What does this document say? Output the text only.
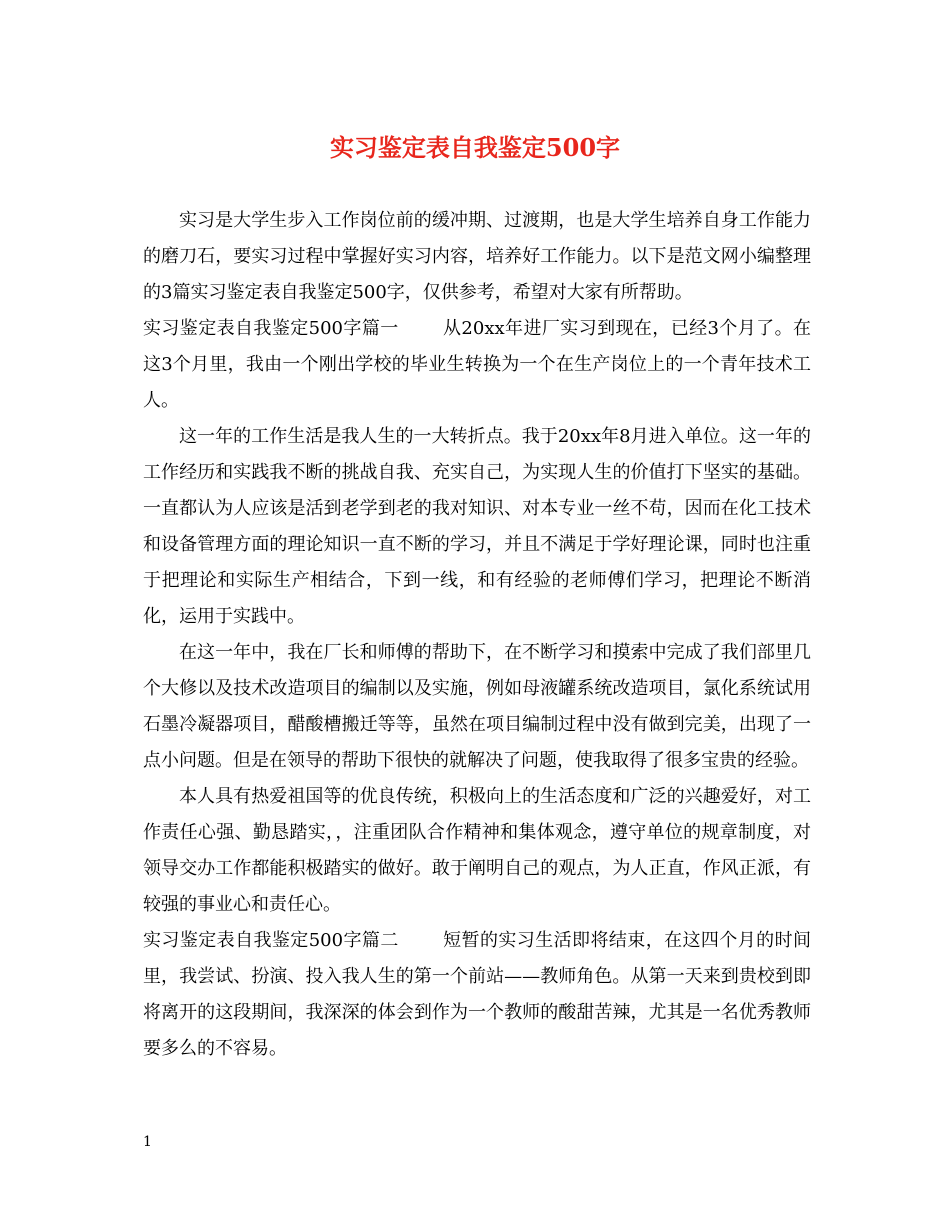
实习鉴定表自我鉴定500字

实习是大学生步入工作岗位前的缓冲期、过渡期，也是大学生培养自身工作能力的磨刀石，要实习过程中掌握好实习内容，培养好工作能力。以下是范文网小编整理的3篇实习鉴定表自我鉴定500字，仅供参考，希望对大家有所帮助。

实习鉴定表自我鉴定500字篇一 从20xx年进厂实习到现在，已经3个月了。在这3个月里，我由一个刚出学校的毕业生转换为一个在生产岗位上的一个青年技术工人。

这一年的工作生活是我人生的一大转折点。我于20xx年8月进入单位。这一年的工作经历和实践我不断的挑战自我、充实自己，为实现人生的价值打下坚实的基础。一直都认为人应该是活到老学到老的我对知识、对本专业一丝不苟，因而在化工技术和设备管理方面的理论知识一直不断的学习，并且不满足于学好理论课，同时也注重于把理论和实际生产相结合，下到一线，和有经验的老师傅们学习，把理论不断消化，运用于实践中。

在这一年中，我在厂长和师傅的帮助下，在不断学习和摸索中完成了我们部里几个大修以及技术改造项目的编制以及实施，例如母液罐系统改造项目，氯化系统试用石墨冷凝器项目，醋酸槽搬迁等等，虽然在项目编制过程中没有做到完美，出现了一点小问题。但是在领导的帮助下很快的就解决了问题，使我取得了很多宝贵的经验。

本人具有热爱祖国等的优良传统，积极向上的生活态度和广泛的兴趣爱好，对工作责任心强、勤恳踏实，，注重团队合作精神和集体观念，遵守单位的规章制度，对领导交办工作都能积极踏实的做好。敢于阐明自己的观点，为人正直，作风正派，有较强的事业心和责任心。

实习鉴定表自我鉴定500字篇二 短暂的实习生活即将结束，在这四个月的时间里，我尝试、扮演、投入我人生的第一个前站——教师角色。从第一天来到贵校到即将离开的这段期间，我深深的体会到作为一个教师的酸甜苦辣，尤其是一名优秀教师要多么的不容易。

1
